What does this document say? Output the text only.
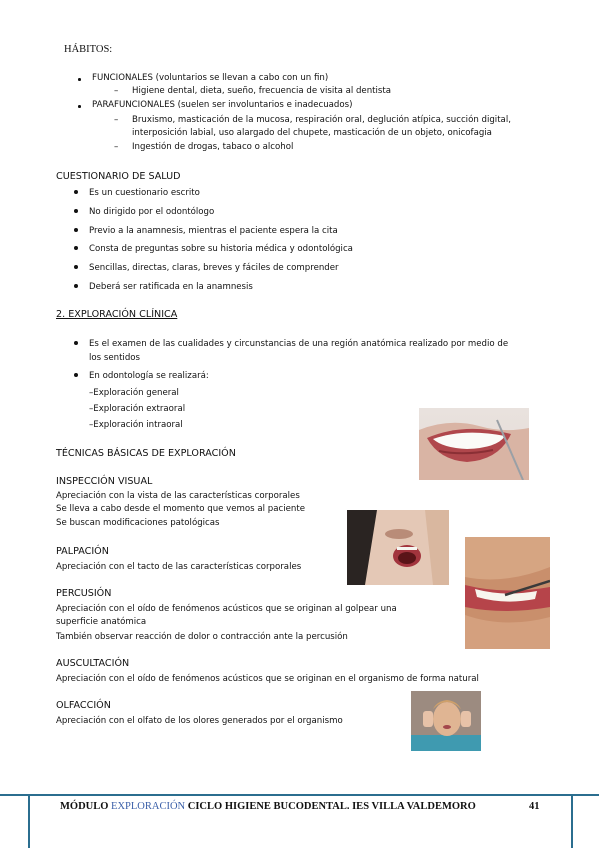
HÁBITOS:
FUNCIONALES (voluntarios se llevan a cabo con un fin)
– Higiene dental, dieta, sueño, frecuencia de visita al dentista
PARAFUNCIONALES (suelen ser involuntarios e inadecuados)
– Bruxismo, masticación de la mucosa, respiración oral, deglución atípica, succión digital,
interposición labial, uso alargado del chupete, masticación de un objeto, onicofagia
– Ingestión de drogas, tabaco o alcohol
CUESTIONARIO DE SALUD
Es un cuestionario escrito
No dirigido por el odontólogo
Previo a la anamnesis, mientras el paciente espera la cita
Consta de preguntas sobre su historia médica y odontológica
Sencillas, directas, claras, breves y fáciles de comprender
Deberá ser ratificada en la anamnesis
2. EXPLORACIÓN CLÍNICA
Es el examen de las cualidades y circunstancias de una región anatómica realizado por medio de
los sentidos
En odontología se realizará:
–Exploración general
–Exploración extraoral
–Exploración intraoral
TÉCNICAS BÁSICAS DE EXPLORACIÓN
INSPECCIÓN VISUAL
Apreciación con la vista de las características corporales
Se lleva a cabo desde el momento que vemos al paciente
Se buscan modificaciones patológicas
PALPACIÓN
Apreciación con el tacto de las características corporales
PERCUSIÓN
Apreciación con el oído de fenómenos acústicos que se originan al golpear una
superficie anatómica
También observar reacción de dolor o contracción ante la percusión
AUSCULTACIÓN
Apreciación con el oído de fenómenos acústicos que se originan en el organismo de forma natural
OLFACCIÓN
Apreciación con el olfato de los olores generados por el organismo
MÓDULO EXPLORACIÓN CICLO HIGIENE BUCODENTAL. IES VILLA VALDEMORO	41
